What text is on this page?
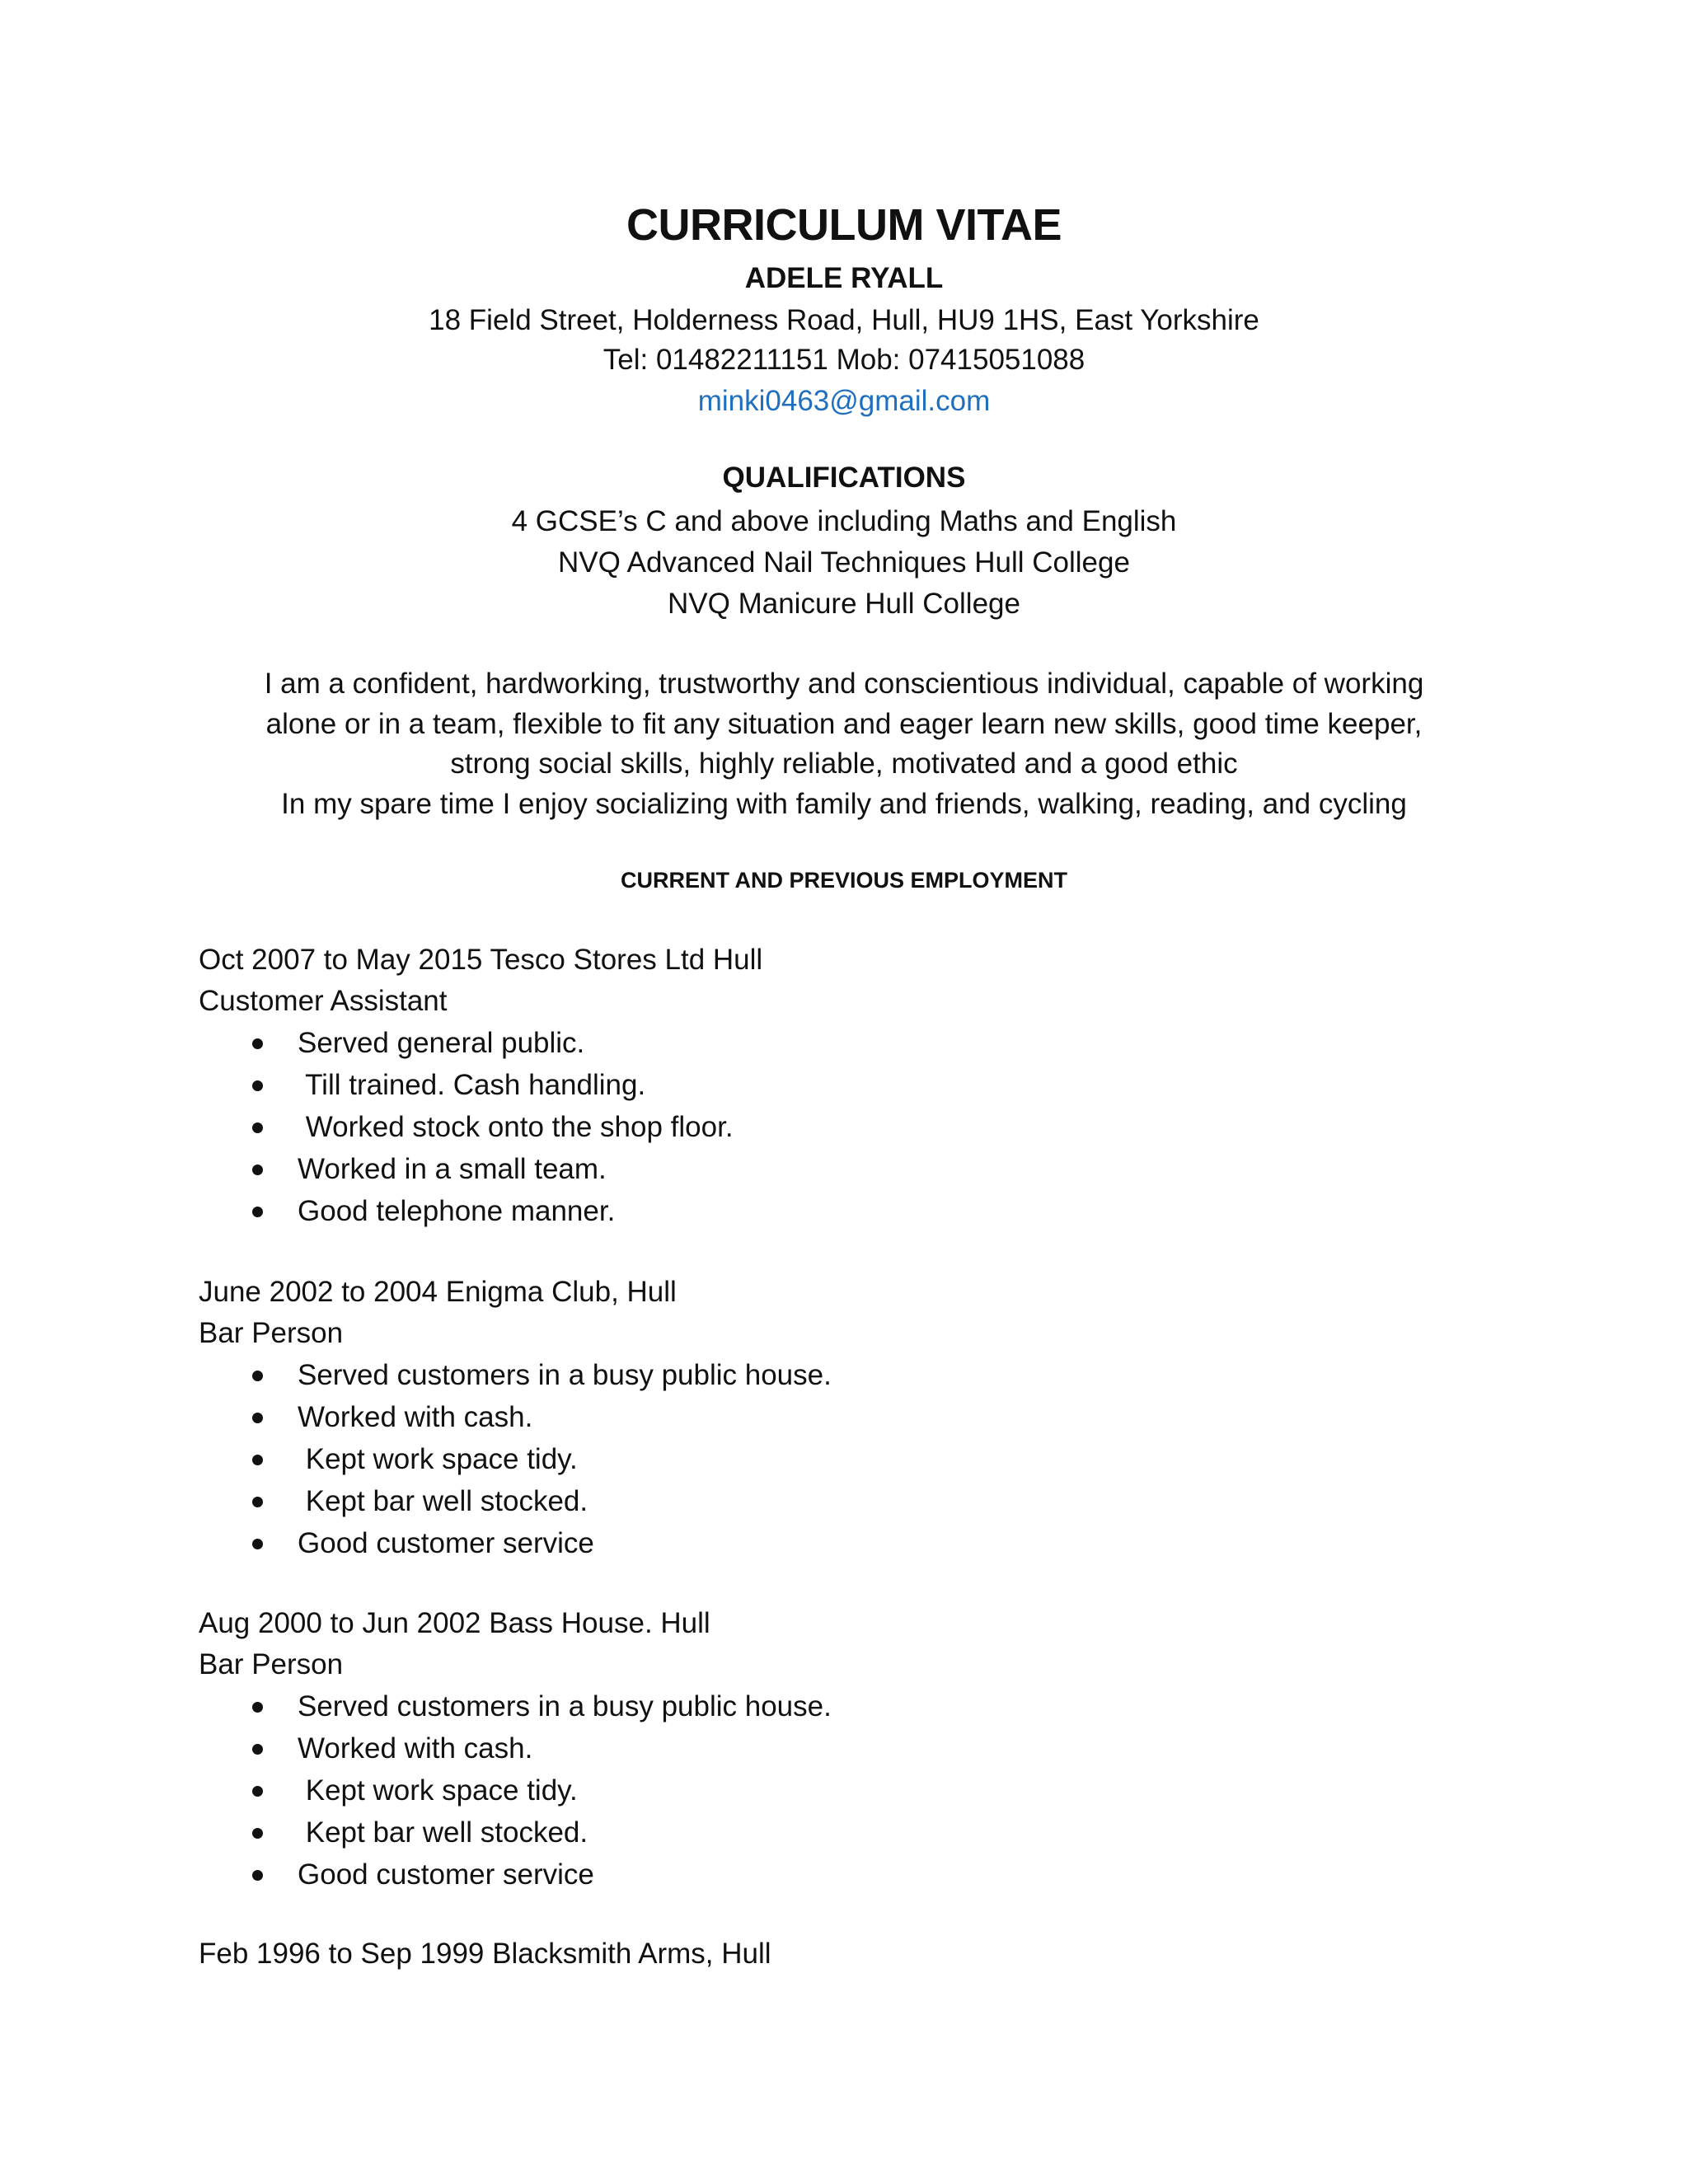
CURRICULUM VITAE
ADELE RYALL
18 Field Street, Holderness Road, Hull, HU9 1HS, East Yorkshire
Tel: 01482211151 Mob: 07415051088
minki0463@gmail.com
QUALIFICATIONS
4 GCSE’s C and above including Maths and English
NVQ Advanced Nail Techniques Hull College
NVQ Manicure Hull College
I am a confident, hardworking, trustworthy and conscientious individual, capable of working
alone or in a team, flexible to fit any situation and eager learn new skills, good time keeper,
strong social skills, highly reliable, motivated and a good ethic
In my spare time I enjoy socializing with family and friends, walking, reading, and cycling
CURRENT AND PREVIOUS EMPLOYMENT
Oct 2007 to May 2015 Tesco Stores Ltd Hull
Customer Assistant
Served general public.
Till trained. Cash handling.
Worked stock onto the shop floor.
Worked in a small team.
Good telephone manner.
June 2002 to 2004 Enigma Club, Hull
Bar Person
Served customers in a busy public house.
Worked with cash.
Kept work space tidy.
Kept bar well stocked.
Good customer service
Aug 2000 to Jun 2002 Bass House. Hull
Bar Person
Served customers in a busy public house.
Worked with cash.
Kept work space tidy.
Kept bar well stocked.
Good customer service
Feb 1996 to Sep 1999 Blacksmith Arms, Hull
